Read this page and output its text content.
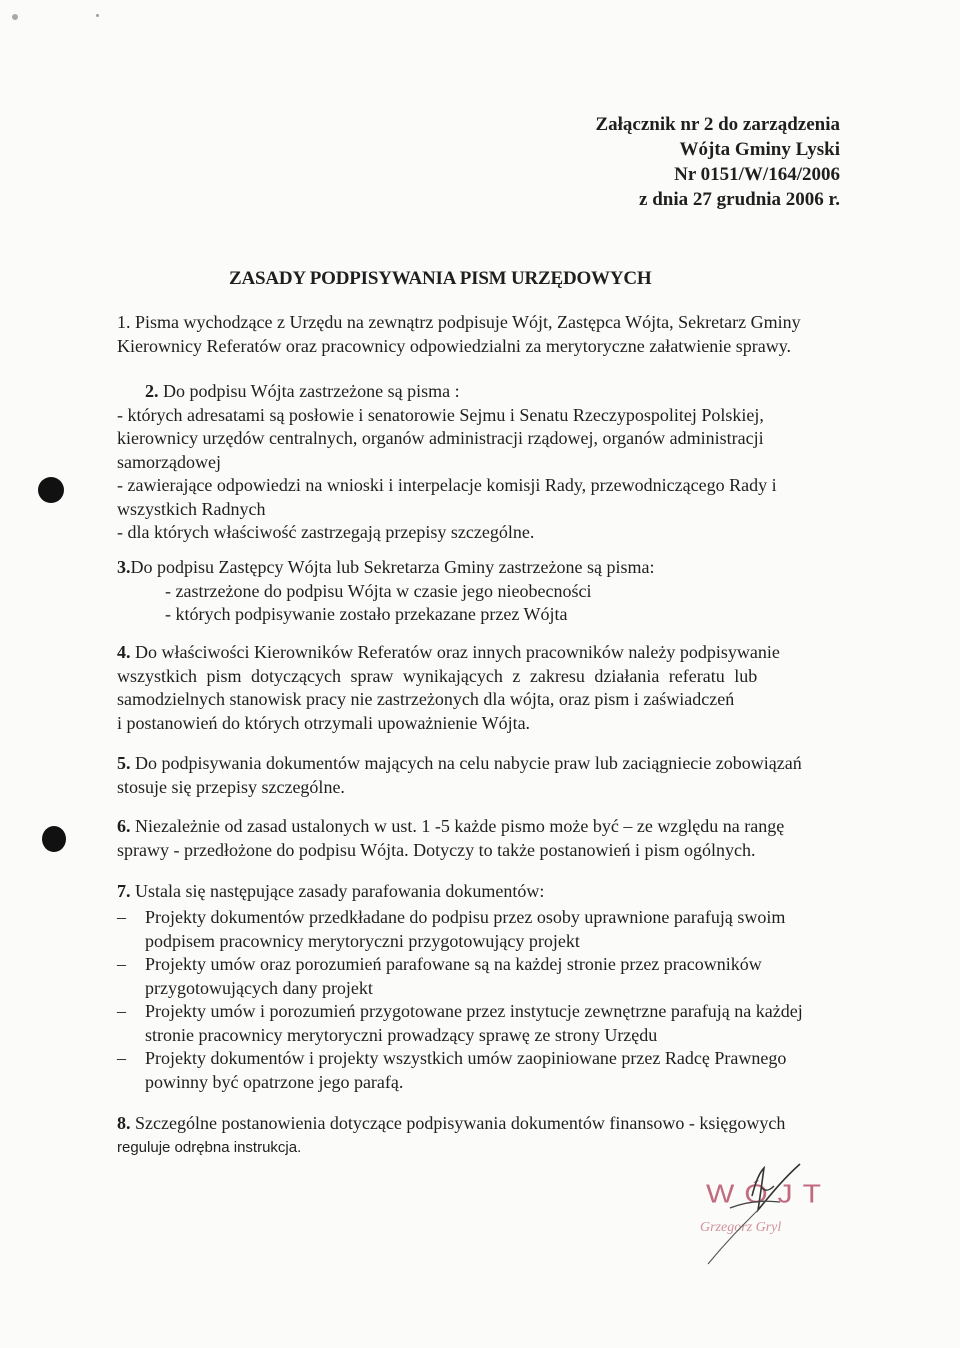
Załącznik nr 2 do zarządzenia
Wójta Gminy Lyski
Nr 0151/W/164/2006
z dnia 27 grudnia 2006 r.
ZASADY PODPISYWANIA PISM URZĘDOWYCH
1. Pisma wychodzące z Urzędu na zewnątrz podpisuje Wójt, Zastępca Wójta, Sekretarz Gminy
Kierownicy Referatów oraz pracownicy odpowiedzialni za merytoryczne załatwienie sprawy.
2. Do podpisu Wójta zastrzeżone są pisma :
- których adresatami są posłowie i senatorowie Sejmu i Senatu Rzeczypospolitej Polskiej,
kierownicy urzędów centralnych, organów administracji rządowej, organów administracji
samorządowej
- zawierające odpowiedzi na wnioski i interpelacje komisji Rady, przewodniczącego Rady i
wszystkich Radnych
- dla których właściwość zastrzegają przepisy szczególne.
3.Do podpisu Zastępcy Wójta lub Sekretarza Gminy zastrzeżone są pisma:
- zastrzeżone do podpisu Wójta w czasie jego nieobecności
- których podpisywanie zostało przekazane przez Wójta
4. Do właściwości Kierowników Referatów oraz innych pracowników należy podpisywanie
wszystkich pism dotyczących spraw wynikających z zakresu działania referatu lub
samodzielnych stanowisk pracy nie zastrzeżonych dla wójta, oraz pism i zaświadczeń
i postanowień do których otrzymali upoważnienie Wójta.
5. Do podpisywania dokumentów mających na celu nabycie praw lub zaciągniecie zobowiązań
stosuje się przepisy szczególne.
6. Niezależnie od zasad ustalonych w ust. 1 -5 każde pismo może być – ze względu na rangę
sprawy - przedłożone do podpisu Wójta. Dotyczy to także postanowień i pism ogólnych.
7. Ustala się następujące zasady parafowania dokumentów:
– Projekty dokumentów przedkładane do podpisu przez osoby uprawnione parafują swoim
podpisem pracownicy merytoryczni przygotowujący projekt
– Projekty umów oraz porozumień parafowane są na każdej stronie przez pracowników
przygotowujących dany projekt
– Projekty umów i porozumień przygotowane przez instytucje zewnętrzne parafują na każdej
stronie pracownicy merytoryczni prowadzący sprawę ze strony Urzędu
– Projekty dokumentów i projekty wszystkich umów zaopiniowane przez Radcę Prawnego
powinny być opatrzone jego parafą.
8. Szczególne postanowienia dotyczące podpisywania dokumentów finansowo - księgowych
reguluje odrębna instrukcja.
WÓJT
Grzegorz Gryl
